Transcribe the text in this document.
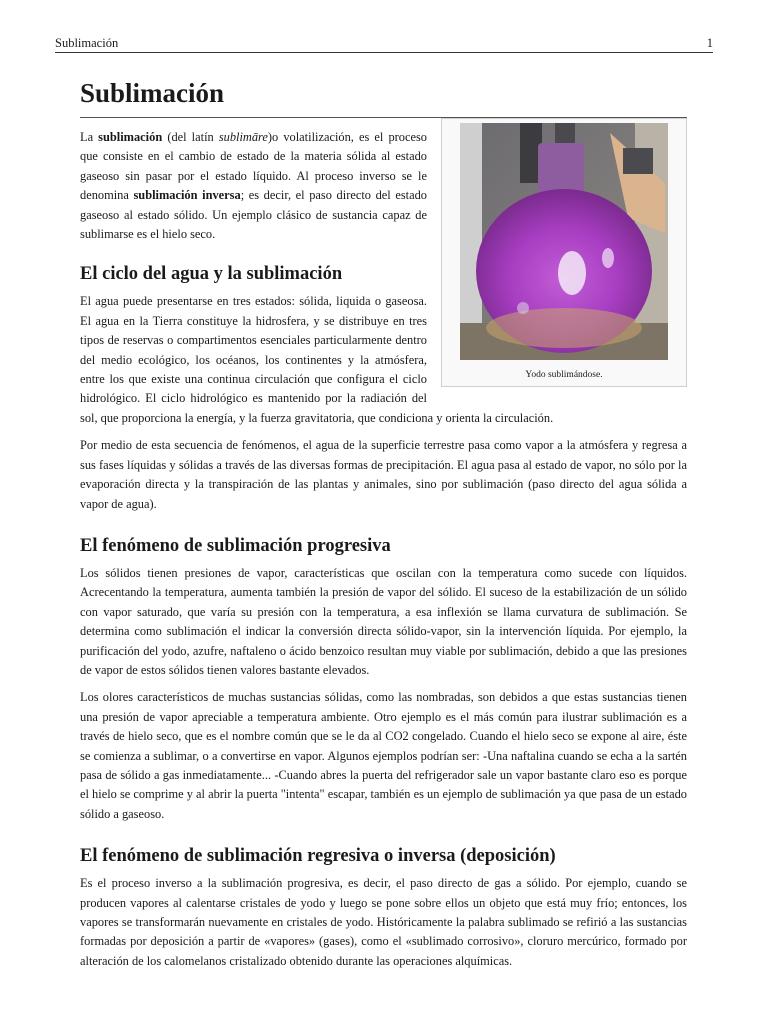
Sublimación	1
Sublimación
Yodo sublimándose.

La sublimación (del latín sublimāre)o volatilización, es el proceso que consiste en el cambio de estado de la materia sólida al estado gaseoso sin pasar por el estado líquido. Al proceso inverso se le denomina sublimación inversa; es decir, el paso directo del estado gaseoso al estado sólido. Un ejemplo clásico de sustancia capaz de sublimarse es el hielo seco.

El ciclo del agua y la sublimación

El agua puede presentarse en tres estados: sólida, liquida o gaseosa. El agua en la Tierra constituye la hidrosfera, y se distribuye en tres tipos de reservas o compartimentos esenciales particularmente dentro del medio ecológico, los océanos, los continentes y la atmósfera, entre los que existe una continua circulación que configura el ciclo hidrológico. El ciclo hidrológico es mantenido por la radiación del sol, que proporciona la energía, y la fuerza gravitatoria, que condiciona y orienta la circulación.

Por medio de esta secuencia de fenómenos, el agua de la superficie terrestre pasa como vapor a la atmósfera y regresa a sus fases líquidas y sólidas a través de las diversas formas de precipitación. El agua pasa al estado de vapor, no sólo por la evaporación directa y la transpiración de las plantas y animales, sino por sublimación (paso directo del agua sólida a vapor de agua).

El fenómeno de sublimación progresiva

Los sólidos tienen presiones de vapor, características que oscilan con la temperatura como sucede con líquidos. Acrecentando la temperatura, aumenta también la presión de vapor del sólido. El suceso de la estabilización de un sólido con vapor saturado, que varía su presión con la temperatura, a esa inflexión se llama curvatura de sublimación. Se determina como sublimación el indicar la conversión directa sólido-vapor, sin la intervención líquida. Por ejemplo, la purificación del yodo, azufre, naftaleno o ácido benzoico resultan muy viable por sublimación, debido a que las presiones de vapor de estos sólidos tienen valores bastante elevados.

Los olores característicos de muchas sustancias sólidas, como las nombradas, son debidos a que estas sustancias tienen una presión de vapor apreciable a temperatura ambiente. Otro ejemplo es el más común para ilustrar sublimación es a través de hielo seco, que es el nombre común que se le da al CO2 congelado. Cuando el hielo seco se expone al aire, éste se comienza a sublimar, o a convertirse en vapor. Algunos ejemplos podrían ser: -Una naftalina cuando se echa a la sartén pasa de sólido a gas inmediatamente... -Cuando abres la puerta del refrigerador sale un vapor bastante claro eso es porque el hielo se comprime y al abrir la puerta "intenta" escapar, también es un ejemplo de sublimación ya que pasa de un estado sólido a gaseoso.

El fenómeno de sublimación regresiva o inversa (deposición)

Es el proceso inverso a la sublimación progresiva, es decir, el paso directo de gas a sólido. Por ejemplo, cuando se producen vapores al calentarse cristales de yodo y luego se pone sobre ellos un objeto que está muy frío; entonces, los vapores se transformarán nuevamente en cristales de yodo. Históricamente la palabra sublimado se refirió a las sustancias formadas por deposición a partir de «vapores» (gases), como el «sublimado corrosivo», cloruro mercúrico, formado por alteración de los calomelanos cristalizado obtenido durante las operaciones alquímicas.
